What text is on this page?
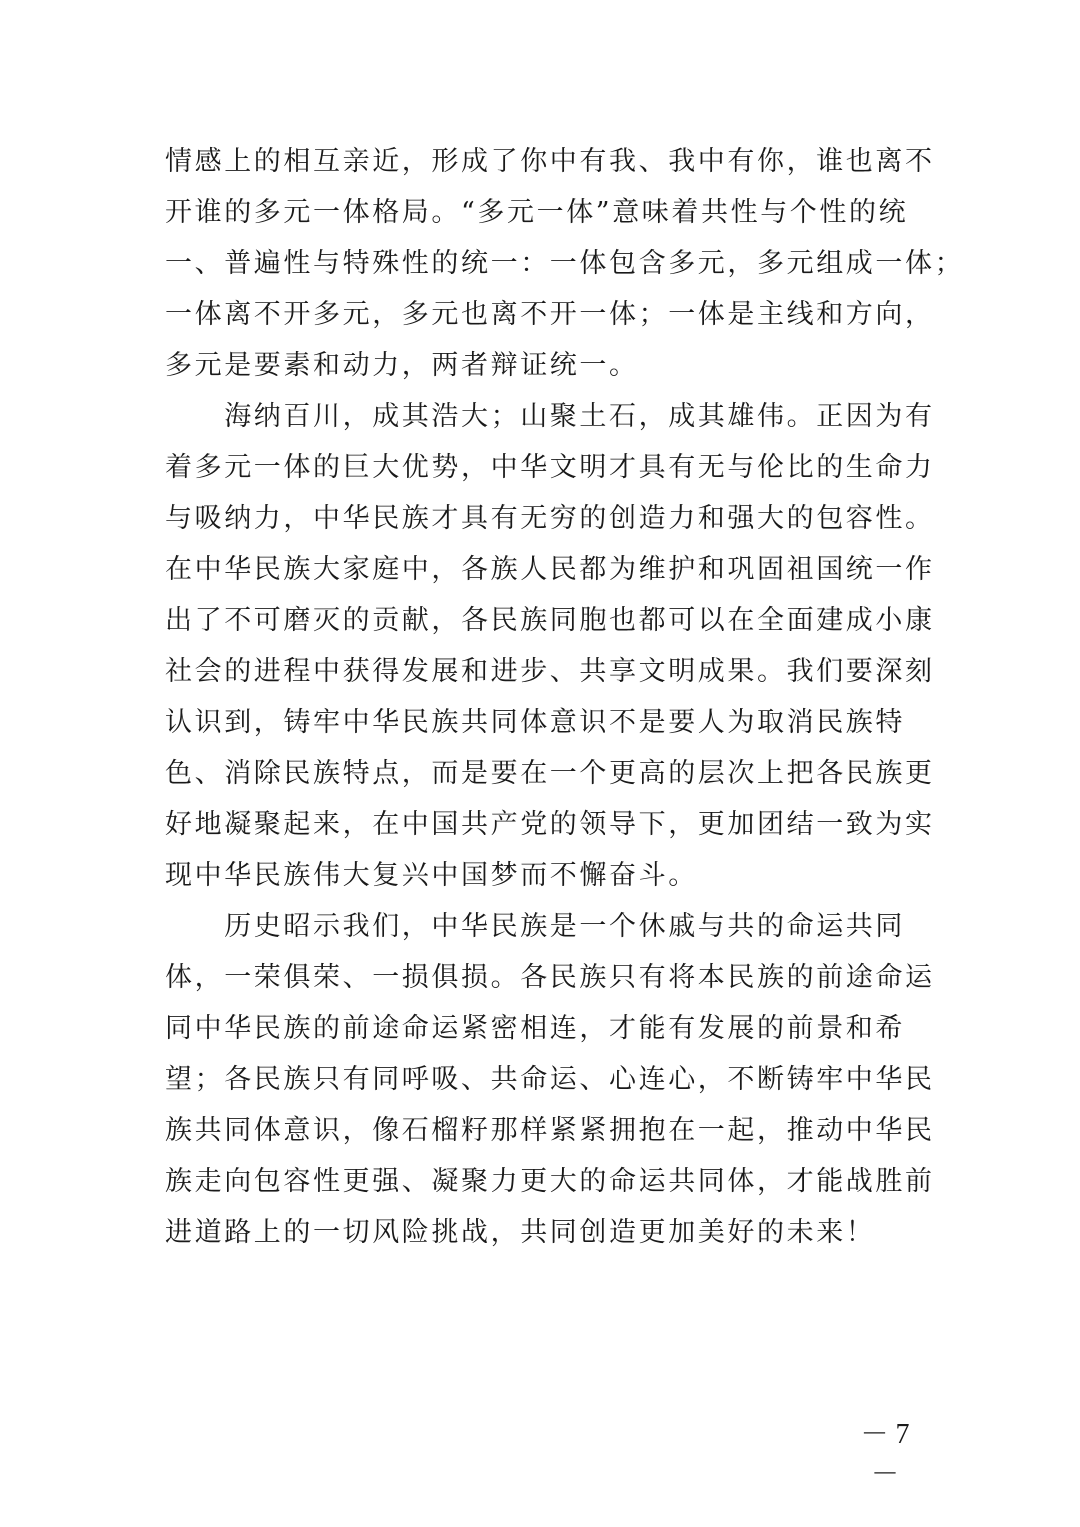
情感上的相互亲近，形成了你中有我、我中有你，谁也离不
开谁的多元一体格局。“多元一体”意味着共性与个性的统
一、普遍性与特殊性的统一：一体包含多元，多元组成一体；
一体离不开多元，多元也离不开一体；一体是主线和方向，
多元是要素和动力，两者辩证统一。
　　海纳百川，成其浩大；山聚土石，成其雄伟。正因为有
着多元一体的巨大优势，中华文明才具有无与伦比的生命力
与吸纳力，中华民族才具有无穷的创造力和强大的包容性。
在中华民族大家庭中，各族人民都为维护和巩固祖国统一作
出了不可磨灭的贡献，各民族同胞也都可以在全面建成小康
社会的进程中获得发展和进步、共享文明成果。我们要深刻
认识到，铸牢中华民族共同体意识不是要人为取消民族特
色、消除民族特点，而是要在一个更高的层次上把各民族更
好地凝聚起来，在中国共产党的领导下，更加团结一致为实
现中华民族伟大复兴中国梦而不懈奋斗。
　　历史昭示我们，中华民族是一个休戚与共的命运共同
体，一荣俱荣、一损俱损。各民族只有将本民族的前途命运
同中华民族的前途命运紧密相连，才能有发展的前景和希
望；各民族只有同呼吸、共命运、心连心，不断铸牢中华民
族共同体意识，像石榴籽那样紧紧拥抱在一起，推动中华民
族走向包容性更强、凝聚力更大的命运共同体，才能战胜前
进道路上的一切风险挑战，共同创造更加美好的未来！
－ 7 －
